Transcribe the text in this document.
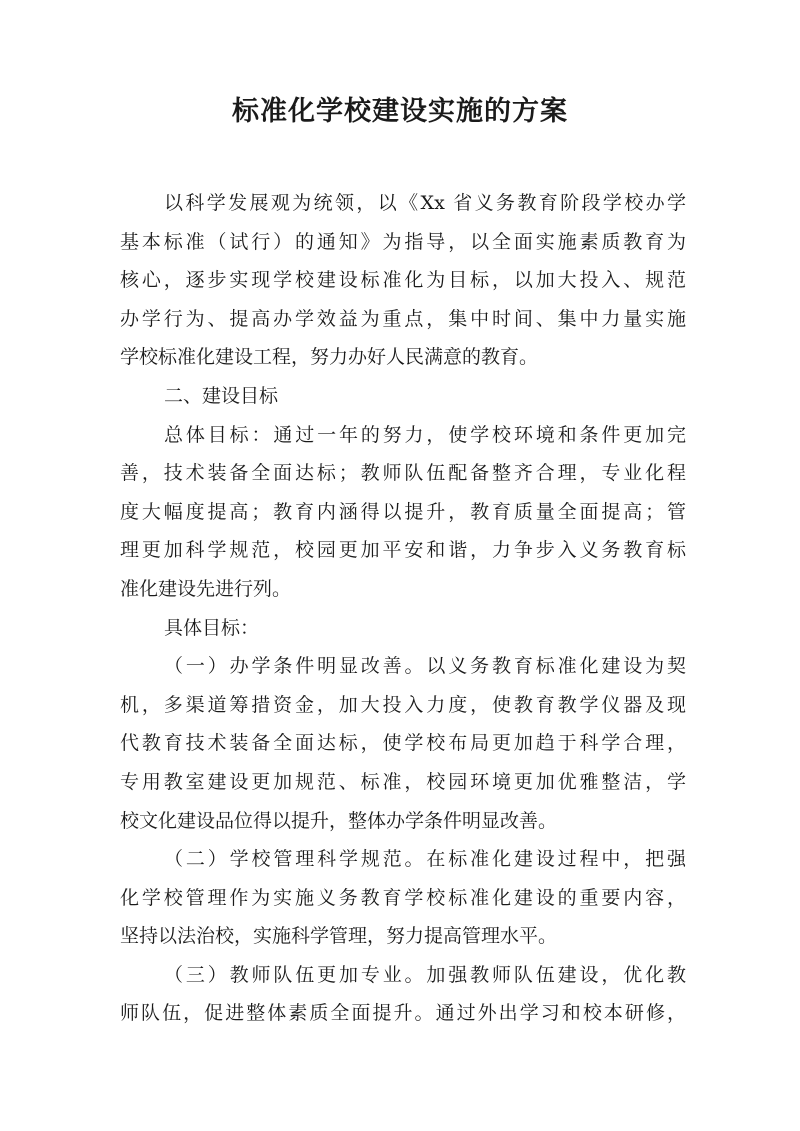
标准化学校建设实施的方案
以科学发展观为统领，以《Xx 省义务教育阶段学校办学
基本标准（试行）的通知》为指导，以全面实施素质教育为
核心，逐步实现学校建设标准化为目标，以加大投入、规范
办学行为、提高办学效益为重点，集中时间、集中力量实施
学校标准化建设工程，努力办好人民满意的教育。
二、建设目标
总体目标：通过一年的努力，使学校环境和条件更加完
善，技术装备全面达标；教师队伍配备整齐合理，专业化程
度大幅度提高；教育内涵得以提升，教育质量全面提高；管
理更加科学规范，校园更加平安和谐，力争步入义务教育标
准化建设先进行列。
具体目标：
（一）办学条件明显改善。以义务教育标准化建设为契
机，多渠道筹措资金，加大投入力度，使教育教学仪器及现
代教育技术装备全面达标，使学校布局更加趋于科学合理，
专用教室建设更加规范、标准，校园环境更加优雅整洁，学
校文化建设品位得以提升，整体办学条件明显改善。
（二）学校管理科学规范。在标准化建设过程中，把强
化学校管理作为实施义务教育学校标准化建设的重要内容，
坚持以法治校，实施科学管理，努力提高管理水平。
（三）教师队伍更加专业。加强教师队伍建设，优化教
师队伍，促进整体素质全面提升。通过外出学习和校本研修，
